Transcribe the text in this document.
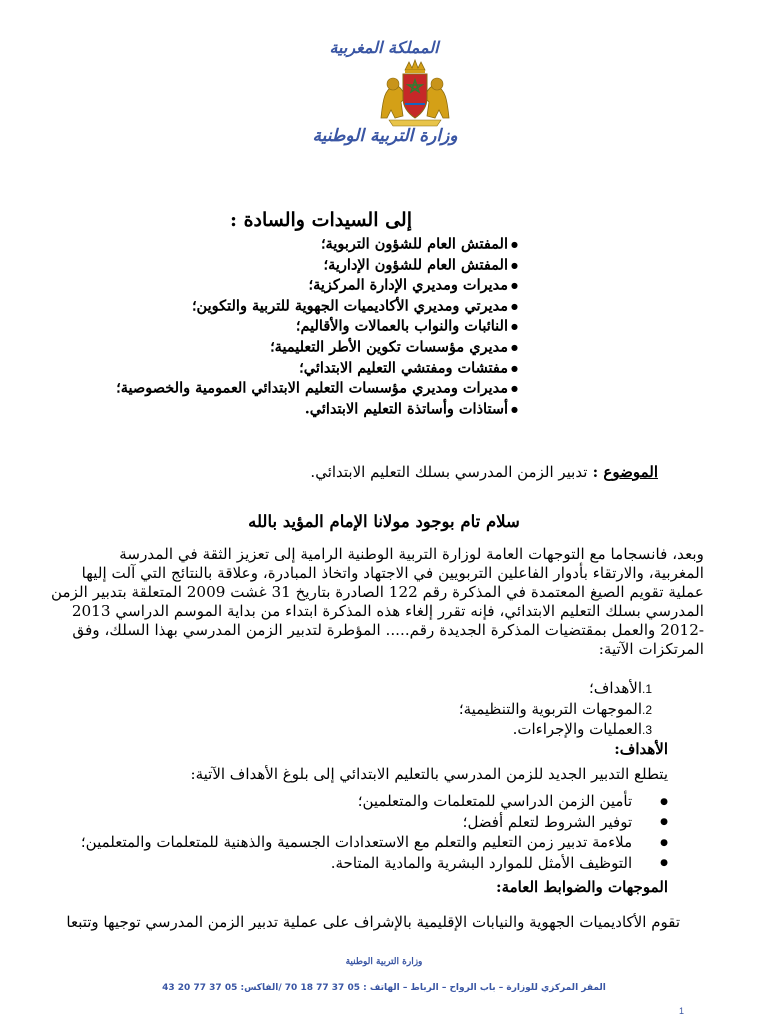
المملكة المغربية
وزارة التربية الوطنية
إلى السيدات والسادة :
● المفتش العام للشؤون التربوية؛
● المفتش العام للشؤون الإدارية؛
● مديرات ومديري الإدارة المركزية؛
● مديرتي ومديري الأكاديميات الجهوية للتربية والتكوين؛
● النائبات والنواب بالعمالات والأقاليم؛
● مديري مؤسسات تكوين الأطر التعليمية؛
● مفتشات ومفتشي التعليم الابتدائي؛
● مديرات ومديري مؤسسات التعليم الابتدائي العمومية والخصوصية؛
● أستاذات وأساتذة التعليم الابتدائي.
الموضوع : تدبير الزمن المدرسي بسلك التعليم الابتدائي.
سلام تام بوجود مولانا الإمام المؤيد بالله
وبعد، فانسجاما مع التوجهات العامة لوزارة التربية الوطنية الرامية إلى تعزيز الثقة في المدرسة
المغربية، والارتقاء بأدوار الفاعلين التربويين في الاجتهاد واتخاذ المبادرة، وعلاقة بالنتائج التي آلت إليها
عملية تقويم الصيغ المعتمدة في المذكرة رقم 122 الصادرة بتاريخ 31 غشت 2009 المتعلقة بتدبير الزمن
المدرسي بسلك التعليم الابتدائي، فإنه تقرر إلغاء هذه المذكرة ابتداء من بداية الموسم الدراسي 2013
-2012 والعمل بمقتضيات المذكرة الجديدة رقم..... المؤطرة لتدبير الزمن المدرسي بهذا السلك، وفق
المرتكزات الآتية:
1.الأهداف؛
2.الموجهات التربوية والتنظيمية؛
3.العمليات والإجراءات.
الأهداف:
يتطلع التدبير الجديد للزمن المدرسي بالتعليم الابتدائي إلى بلوغ الأهداف الآتية:
● تأمين الزمن الدراسي للمتعلمات والمتعلمين؛
● توفير الشروط لتعلم أفضل؛
● ملاءمة تدبير زمن التعليم والتعلم مع الاستعدادات الجسمية والذهنية للمتعلمات والمتعلمين؛
● التوظيف الأمثل للموارد البشرية والمادية المتاحة.
الموجهات والضوابط العامة:
تقوم الأكاديميات الجهوية والنيابات الإقليمية بالإشراف على عملية تدبير الزمن المدرسي توجيها وتتبعا
وزارة التربية الوطنية
المقر المركزي للوزارة – باب الرواح – الرباط – الهاتف : 05 37 77 18 70 /الفاكس: 05 37 77 20 43
1
